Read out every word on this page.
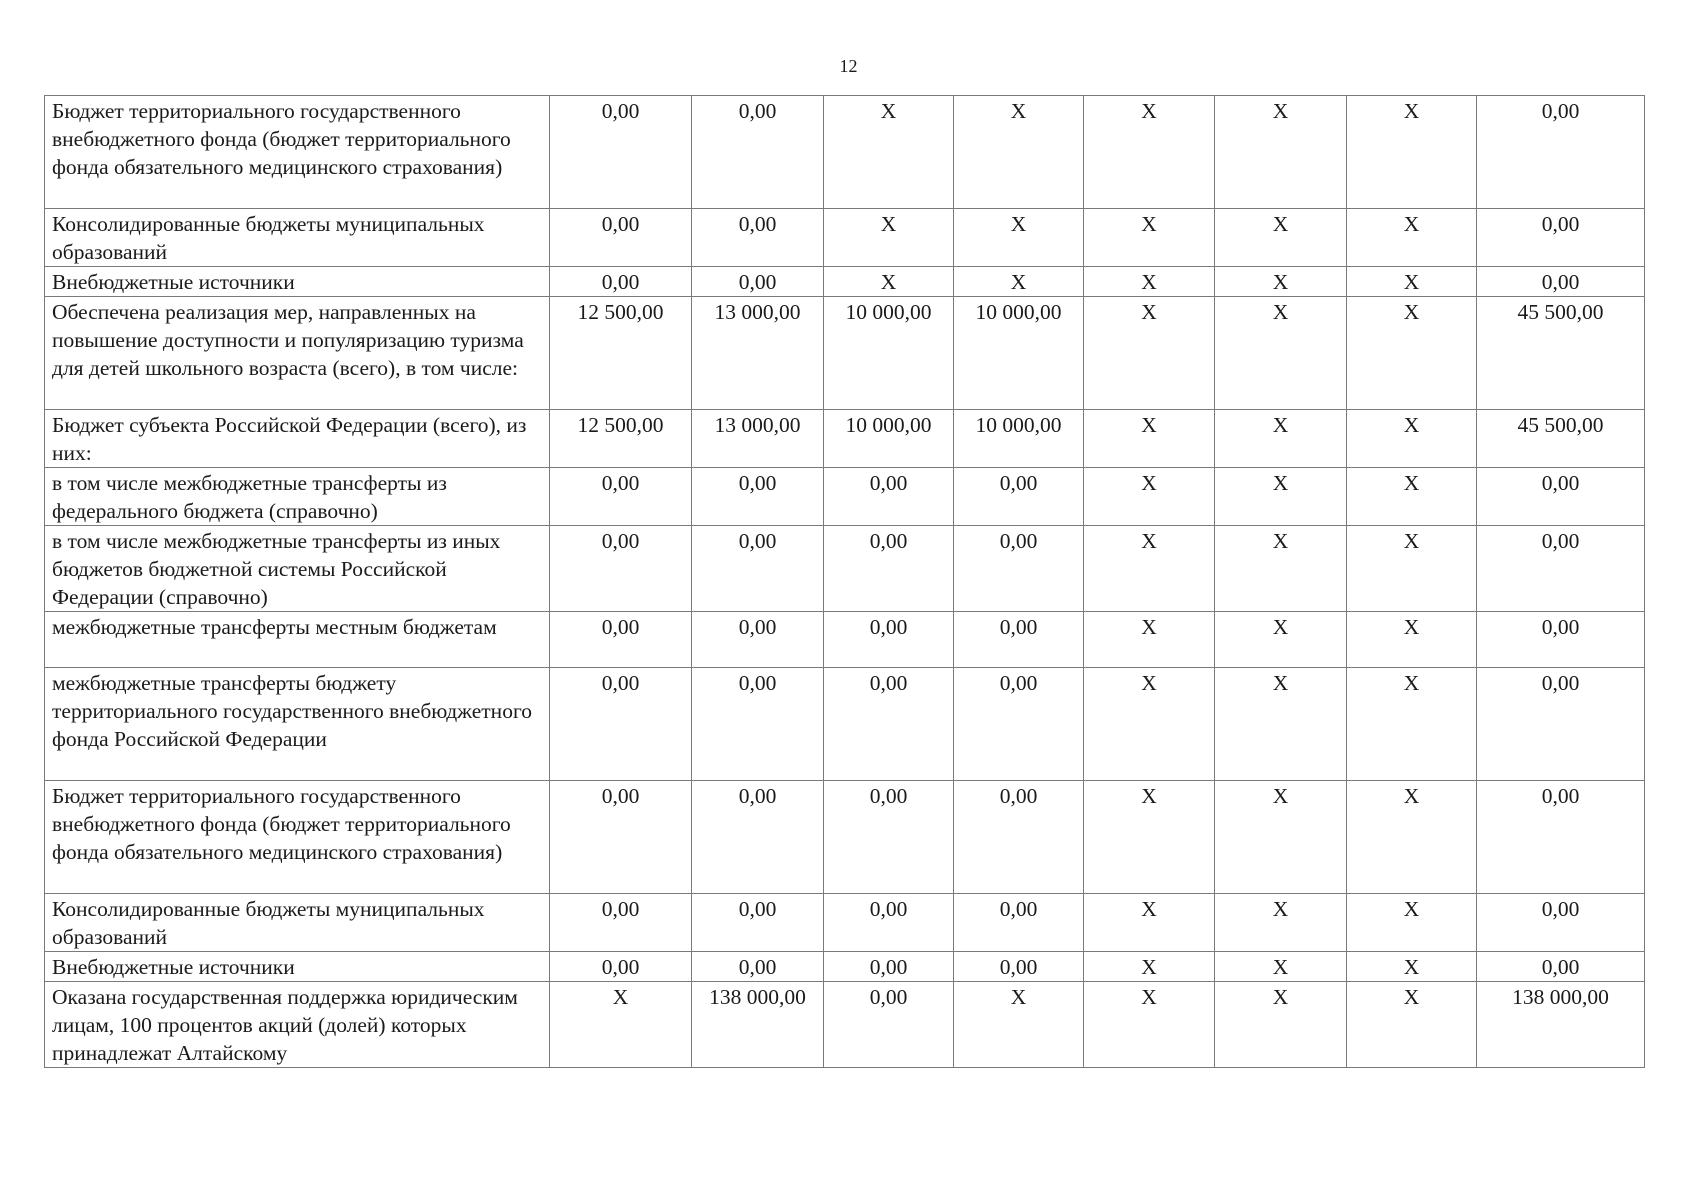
12
Бюджет территориального государственного внебюджетного фонда (бюджет территориального фонда обязательного медицинского страхования)	0,00	0,00	X	X	X	X	X	0,00
Консолидированные бюджеты муниципальных образований	0,00	0,00	X	X	X	X	X	0,00
Внебюджетные источники	0,00	0,00	X	X	X	X	X	0,00
Обеспечена реализация мер, направленных на повышение доступности и популяризацию туризма для детей школьного возраста (всего), в том числе:	12 500,00	13 000,00	10 000,00	10 000,00	X	X	X	45 500,00
Бюджет субъекта Российской Федерации (всего), из них:	12 500,00	13 000,00	10 000,00	10 000,00	X	X	X	45 500,00
в том числе межбюджетные трансферты из федерального бюджета (справочно)	0,00	0,00	0,00	0,00	X	X	X	0,00
в том числе межбюджетные трансферты из иных бюджетов бюджетной системы Российской Федерации (справочно)	0,00	0,00	0,00	0,00	X	X	X	0,00
межбюджетные трансферты местным бюджетам	0,00	0,00	0,00	0,00	X	X	X	0,00
межбюджетные трансферты бюджету территориального государственного внебюджетного фонда Российской Федерации	0,00	0,00	0,00	0,00	X	X	X	0,00
Бюджет территориального государственного внебюджетного фонда (бюджет территориального фонда обязательного медицинского страхования)	0,00	0,00	0,00	0,00	X	X	X	0,00
Консолидированные бюджеты муниципальных образований	0,00	0,00	0,00	0,00	X	X	X	0,00
Внебюджетные источники	0,00	0,00	0,00	0,00	X	X	X	0,00
Оказана государственная поддержка юридическим лицам, 100 процентов акций (долей) которых принадлежат Алтайскому	X	138 000,00	0,00	X	X	X	X	138 000,00
